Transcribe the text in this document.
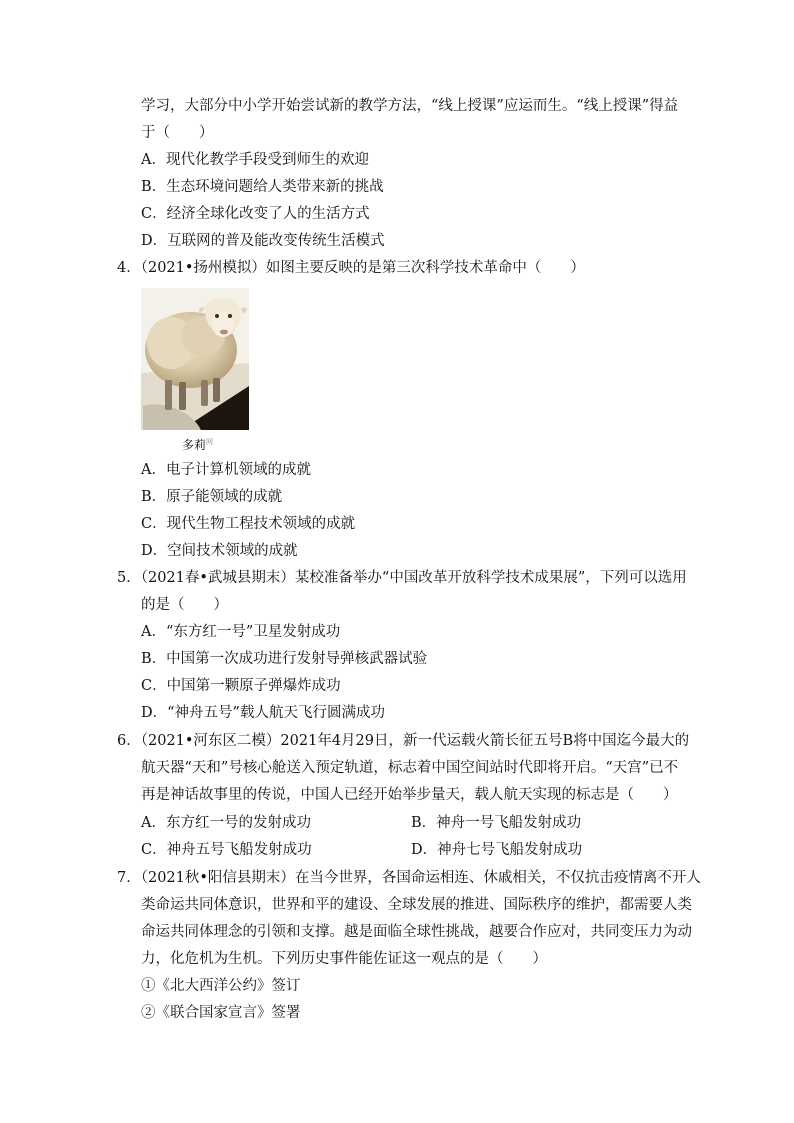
学习，大部分中小学开始尝试新的教学方法，“线上授课”应运而生。“线上授课”得益
于（　　）
A．现代化教学手段受到师生的欢迎
B．生态环境问题给人类带来新的挑战
C．经济全球化改变了人的生活方式
D．互联网的普及能改变传统生活模式
4．（2021•扬州模拟）如图主要反映的是第三次科学技术革命中（　　）
多莉$^网$
A．电子计算机领域的成就
B．原子能领域的成就
C．现代生物工程技术领域的成就
D．空间技术领域的成就
5．（2021春•武城县期末）某校准备举办“中国改革开放科学技术成果展”，下列可以选用
的是（　　）
A．“东方红一号”卫星发射成功
B．中国第一次成功进行发射导弹核武器试验
C．中国第一颗原子弹爆炸成功
D．“神舟五号”载人航天飞行圆满成功
6．（2021•河东区二模）2021年4月29日，新一代运载火箭长征五号B将中国迄今最大的
航天器“天和”号核心舱送入预定轨道，标志着中国空间站时代即将开启。“天宫”已不
再是神话故事里的传说，中国人已经开始举步量天，载人航天实现的标志是（　　）
A．东方红一号的发射成功	B．神舟一号飞船发射成功
C．神舟五号飞船发射成功	D．神舟七号飞船发射成功
7．（2021秋•阳信县期末）在当今世界，各国命运相连、休戚相关，不仅抗击疫情离不开人
类命运共同体意识，世界和平的建设、全球发展的推进、国际秩序的维护，都需要人类
命运共同体理念的引领和支撑。越是面临全球性挑战，越要合作应对，共同变压力为动
力，化危机为生机。下列历史事件能佐证这一观点的是（　　）
①《北大西洋公约》签订
②《联合国家宣言》签署
